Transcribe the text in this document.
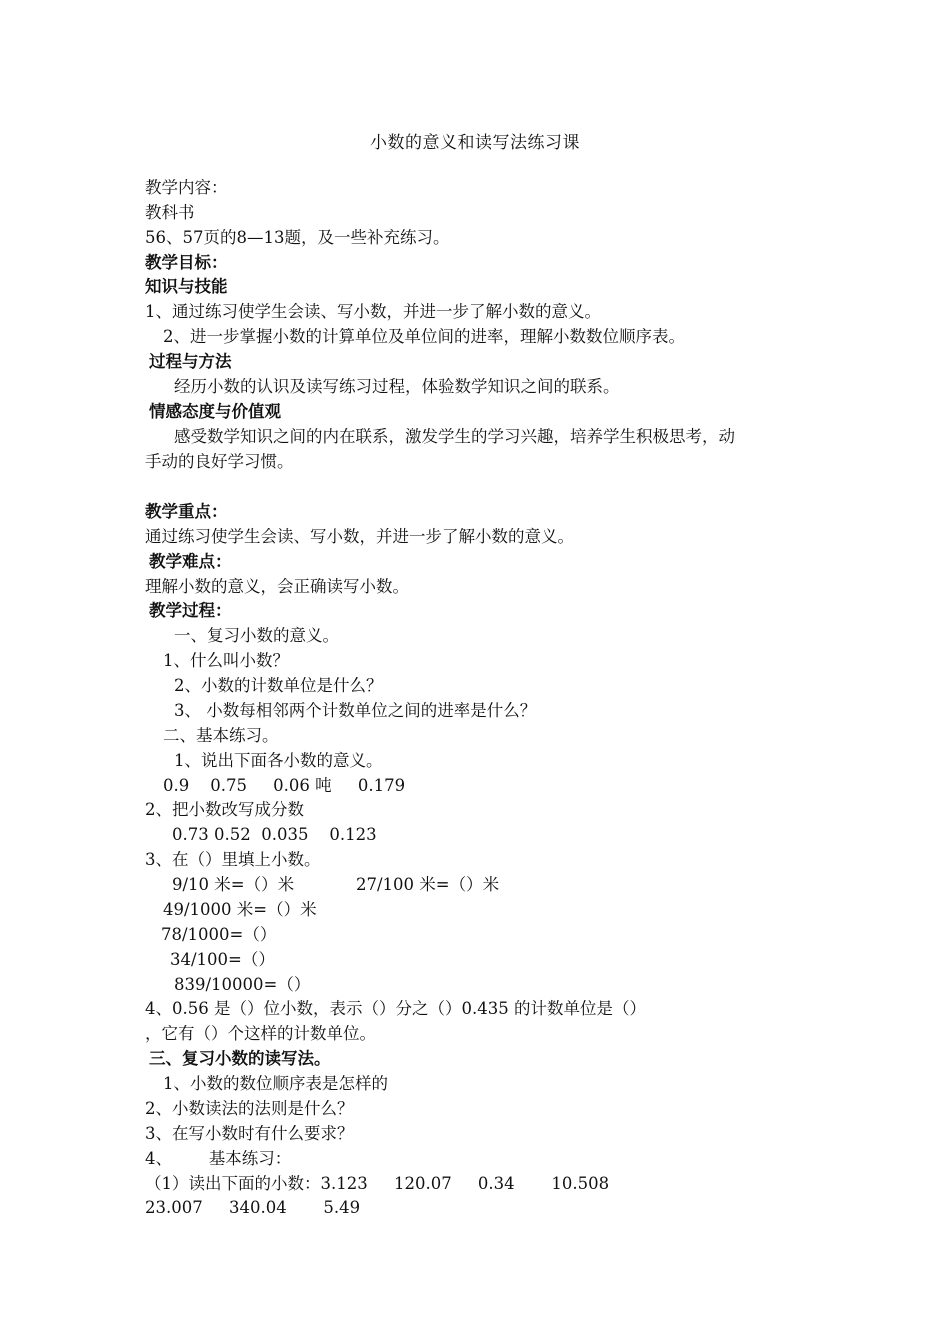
小数的意义和读写法练习课
教学内容：
教科书
56、57页的8—13题，及一些补充练习。
教学目标：
知识与技能
1、通过练习使学生会读、写小数，并进一步了解小数的意义。
2、进一步掌握小数的计算单位及单位间的进率，理解小数数位顺序表。
过程与方法
经历小数的认识及读写练习过程，体验数学知识之间的联系。
情感态度与价值观
感受数学知识之间的内在联系，激发学生的学习兴趣，培养学生积极思考，动
手动的良好学习惯。
教学重点：
通过练习使学生会读、写小数，并进一步了解小数的意义。
教学难点：
理解小数的意义，会正确读写小数。
教学过程：
一、复习小数的意义。
1、什么叫小数？
2、小数的计数单位是什么？
3、 小数每相邻两个计数单位之间的进率是什么？
二、基本练习。
1、说出下面各小数的意义。
0.9    0.75     0.06 吨     0.179
2、把小数改写成分数
0.73 0.52  0.035    0.123
3、在（）里填上小数。
9/10 米=（）米	27/100 米=（）米
49/1000 米=（）米
78/1000=（）
34/100=（）
839/10000=（）
4、0.56 是（）位小数，表示（）分之（）0.435 的计数单位是（）
，它有（）个这样的计数单位。
三、复习小数的读写法。
1、小数的数位顺序表是怎样的
2、小数读法的法则是什么？
3、在写小数时有什么要求？
4、       基本练习：
（1）读出下面的小数：3.123     120.07     0.34       10.508
23.007     340.04       5.49
